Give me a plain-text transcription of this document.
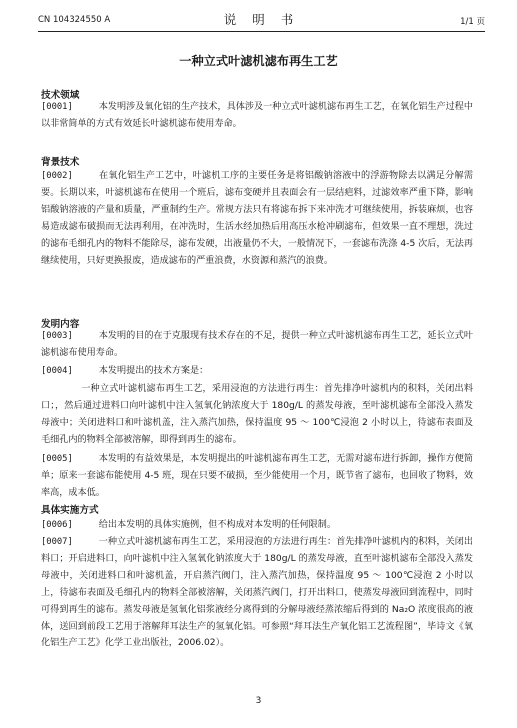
CN 104324550 A	说 明 书	1/1 页
一种立式叶滤机滤布再生工艺
技术领域

[0001]	本发明涉及氧化铝的生产技术，具体涉及一种立式叶滤机滤布再生工艺，在氧化铝生产过程中以非常简单的方式有效延长叶滤机滤布使用寿命。

背景技术

[0002]	在氧化铝生产工艺中，叶滤机工序的主要任务是将铝酸钠溶液中的浮游物除去以满足分解需要。长期以来，叶滤机滤布在使用一个班后，滤布变硬并且表面会有一层结疤料，过滤效率严重下降，影响铝酸钠溶液的产量和质量，严重制约生产。常规方法只有将滤布拆下来冲洗才可继续使用，拆装麻烦，也容易造成滤布破损而无法再利用，在冲洗时，生活水经加热后用高压水枪冲刷滤布，但效果一直不理想，洗过的滤布毛细孔内的物料不能除尽，滤布发硬，出液量仍不大，一般情况下，一套滤布洗涤 4-5 次后，无法再继续使用，只好更换报废，造成滤布的严重浪费，水资源和蒸汽的浪费。

发明内容

[0003]	本发明的目的在于克服现有技术存在的不足，提供一种立式叶滤机滤布再生工艺，延长立式叶滤机滤布使用寿命。

[0004]	本发明提出的技术方案是：

一种立式叶滤机滤布再生工艺，采用浸泡的方法进行再生：首先排净叶滤机内的积料，关闭出料口；，然后通过进料口向叶滤机中注入氢氧化钠浓度大于 180g/L 的蒸发母液，至叶滤机滤布全部没入蒸发母液中；关闭进料口和叶滤机盖，注入蒸汽加热，保持温度 95 ～ 100℃浸泡 2 小时以上，待滤布表面及毛细孔内的物料全部被溶解，即得到再生的滤布。

[0005]	本发明的有益效果是，本发明提出的叶滤机滤布再生工艺，无需对滤布进行拆卸，操作方便简单；原来一套滤布能使用 4-5 班，现在只要不破损，至少能使用一个月，既节省了滤布，也回收了物料，效率高，成本低。

具体实施方式

[0006]	给出本发明的具体实施例，但不构成对本发明的任何限制。

[0007]	一种立式叶滤机滤布再生工艺，采用浸泡的方法进行再生：首先排净叶滤机内的积料，关闭出料口；开启进料口，向叶滤机中注入氢氧化钠浓度大于 180g/L 的蒸发母液，直至叶滤机滤布全部没入蒸发母液中，关闭进料口和叶滤机盖，开启蒸汽阀门，注入蒸汽加热，保持温度 95 ～ 100℃浸泡 2 小时以上，待滤布表面及毛细孔内的物料全部被溶解，关闭蒸汽阀门，打开出料口，使蒸发母液回到流程中，同时可得到再生的滤布。蒸发母液是氢氧化铝浆液经分离得到的分解母液经蒸浓缩后得到的 Na₂O 浓度很高的液体，送回到前段工艺用于溶解拜耳法生产的氢氧化铝。可参照“拜耳法生产氧化铝工艺流程图”，毕诗文《氧化铝生产工艺》化学工业出版社，2006.02）。

3
